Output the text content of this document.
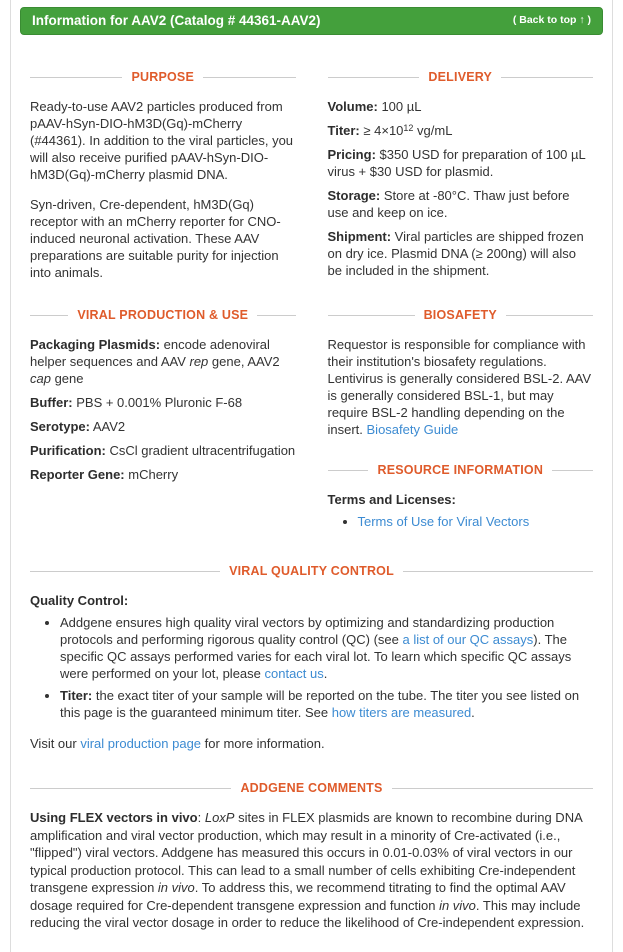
Information for AAV2 (Catalog # 44361-AAV2)	( Back to top ↑ )
PURPOSE

Ready-to-use AAV2 particles produced from pAAV-hSyn-DIO-hM3D(Gq)-mCherry (#44361). In addition to the viral particles, you will also receive purified pAAV-hSyn-DIO-hM3D(Gq)-mCherry plasmid DNA.

Syn-driven, Cre-dependent, hM3D(Gq) receptor with an mCherry reporter for CNO-induced neuronal activation. These AAV preparations are suitable purity for injection into animals.

DELIVERY

Volume: 100 µL

Titer: ≥ $4\times 10^{12}$ vg/mL

Pricing: $350 USD for preparation of 100 µL virus + $30 USD for plasmid.

Storage: Store at -80°C. Thaw just before use and keep on ice.

Shipment: Viral particles are shipped frozen on dry ice. Plasmid DNA (≥ 200ng) will also be included in the shipment.

VIRAL PRODUCTION & USE

Packaging Plasmids: encode adenoviral helper sequences and AAV rep gene, AAV2 cap gene

Buffer: PBS + 0.001% Pluronic F-68

Serotype: AAV2

Purification: CsCl gradient ultracentrifugation

Reporter Gene: mCherry

BIOSAFETY

Requestor is responsible for compliance with their institution's biosafety regulations. Lentivirus is generally considered BSL-2. AAV is generally considered BSL-1, but may require BSL-2 handling depending on the insert. Biosafety Guide

RESOURCE INFORMATION

Terms and Licenses:

• Terms of Use for Viral Vectors
VIRAL QUALITY CONTROL

Quality Control:

• Addgene ensures high quality viral vectors by optimizing and standardizing production protocols and performing rigorous quality control (QC) (see a list of our QC assays). The specific QC assays performed varies for each viral lot. To learn which specific QC assays were performed on your lot, please contact us.
• Titer: the exact titer of your sample will be reported on the tube. The titer you see listed on this page is the guaranteed minimum titer. See how titers are measured.

Visit our viral production page for more information.

ADDGENE COMMENTS

Using FLEX vectors in vivo: LoxP sites in FLEX plasmids are known to recombine during DNA amplification and viral vector production, which may result in a minority of Cre-activated (i.e., "flipped") viral vectors. Addgene has measured this occurs in 0.01-0.03% of viral vectors in our typical production protocol. This can lead to a small number of cells exhibiting Cre-independent transgene expression in vivo. To address this, we recommend titrating to find the optimal AAV dosage required for Cre-dependent transgene expression and function in vivo. This may include reducing the viral vector dosage in order to reduce the likelihood of Cre-independent expression.
